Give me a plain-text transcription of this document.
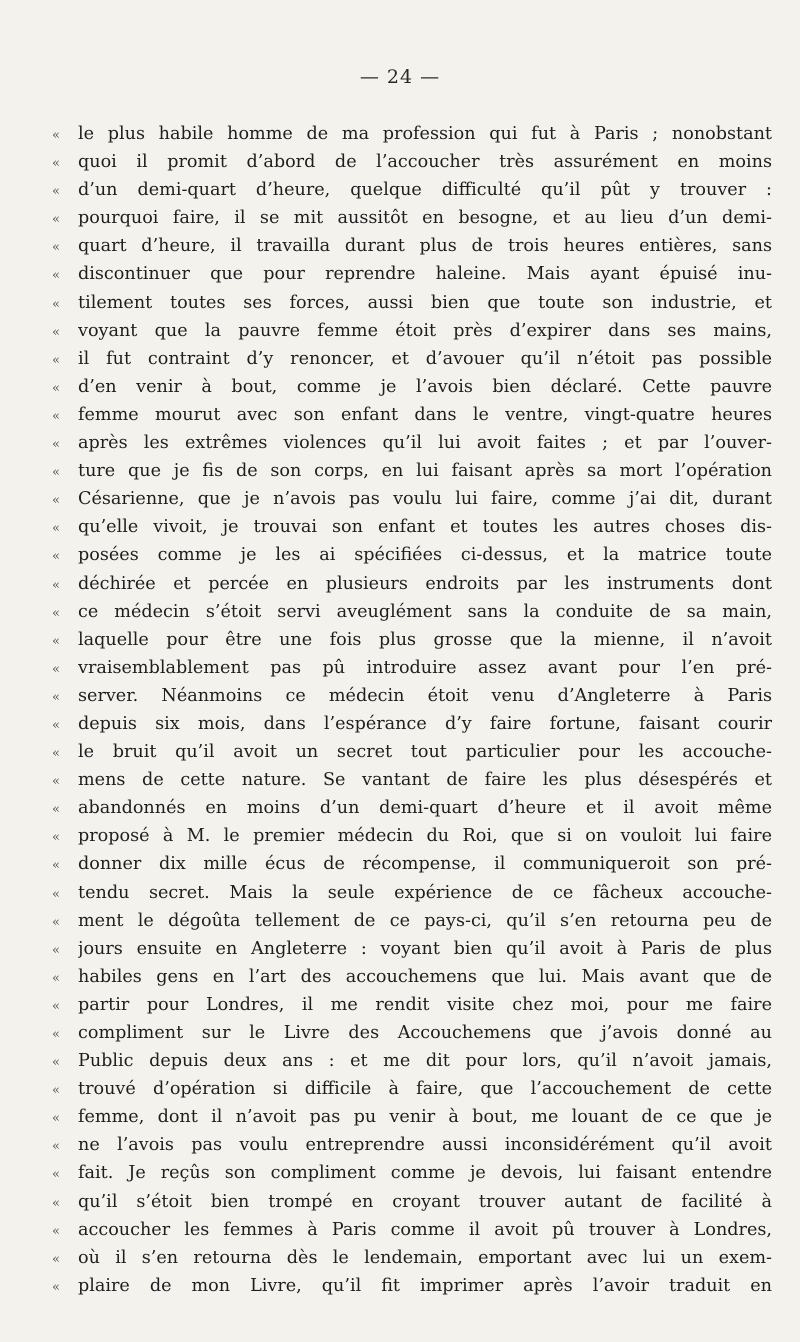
— 24 —
«	le plus habile homme de ma profession qui fut à Paris ; nonobstant
«	quoi il promit d’abord de l’accoucher très assurément en moins
«	d’un demi-quart d’heure, quelque difficulté qu’il pût y trouver :
«	pourquoi faire, il se mit aussitôt en besogne, et au lieu d’un demi-
«	quart d’heure, il travailla durant plus de trois heures entières, sans
«	discontinuer que pour reprendre haleine. Mais ayant épuisé inu-
«	tilement toutes ses forces, aussi bien que toute son industrie, et
«	voyant que la pauvre femme étoit près d’expirer dans ses mains,
«	il fut contraint d’y renoncer, et d’avouer qu’il n’étoit pas possible
«	d’en venir à bout, comme je l’avois bien déclaré. Cette pauvre
«	femme mourut avec son enfant dans le ventre, vingt-quatre heures
«	après les extrêmes violences qu’il lui avoit faites ; et par l’ouver-
«	ture que je fis de son corps, en lui faisant après sa mort l’opération
«	Césarienne, que je n’avois pas voulu lui faire, comme j’ai dit, durant
«	qu’elle vivoit, je trouvai son enfant et toutes les autres choses dis-
«	posées comme je les ai spécifiées ci-dessus, et la matrice toute
«	déchirée et percée en plusieurs endroits par les instruments dont
«	ce médecin s’étoit servi aveuglément sans la conduite de sa main,
«	laquelle pour être une fois plus grosse que la mienne, il n’avoit
«	vraisemblablement pas pû introduire assez avant pour l’en pré-
«	server. Néanmoins ce médecin étoit venu d’Angleterre à Paris
«	depuis six mois, dans l’espérance d’y faire fortune, faisant courir
«	le bruit qu’il avoit un secret tout particulier pour les accouche-
«	mens de cette nature. Se vantant de faire les plus désespérés et
«	abandonnés en moins d’un demi-quart d’heure et il avoit même
«	proposé à M. le premier médecin du Roi, que si on vouloit lui faire
«	donner dix mille écus de récompense, il communiqueroit son pré-
«	tendu secret. Mais la seule expérience de ce fâcheux accouche-
«	ment le dégoûta tellement de ce pays-ci, qu’il s’en retourna peu de
«	jours ensuite en Angleterre : voyant bien qu’il avoit à Paris de plus
«	habiles gens en l’art des accouchemens que lui. Mais avant que de
«	partir pour Londres, il me rendit visite chez moi, pour me faire
«	compliment sur le Livre des Accouchemens que j’avois donné au
«	Public depuis deux ans : et me dit pour lors, qu’il n’avoit jamais,
«	trouvé d’opération si difficile à faire, que l’accouchement de cette
«	femme, dont il n’avoit pas pu venir à bout, me louant de ce que je
«	ne l’avois pas voulu entreprendre aussi inconsidérément qu’il avoit
«	fait. Je reçûs son compliment comme je devois, lui faisant entendre
«	qu’il s’étoit bien trompé en croyant trouver autant de facilité à
«	accoucher les femmes à Paris comme il avoit pû trouver à Londres,
«	où il s’en retourna dès le lendemain, emportant avec lui un exem-
«	plaire de mon Livre, qu’il fit imprimer après l’avoir traduit en
